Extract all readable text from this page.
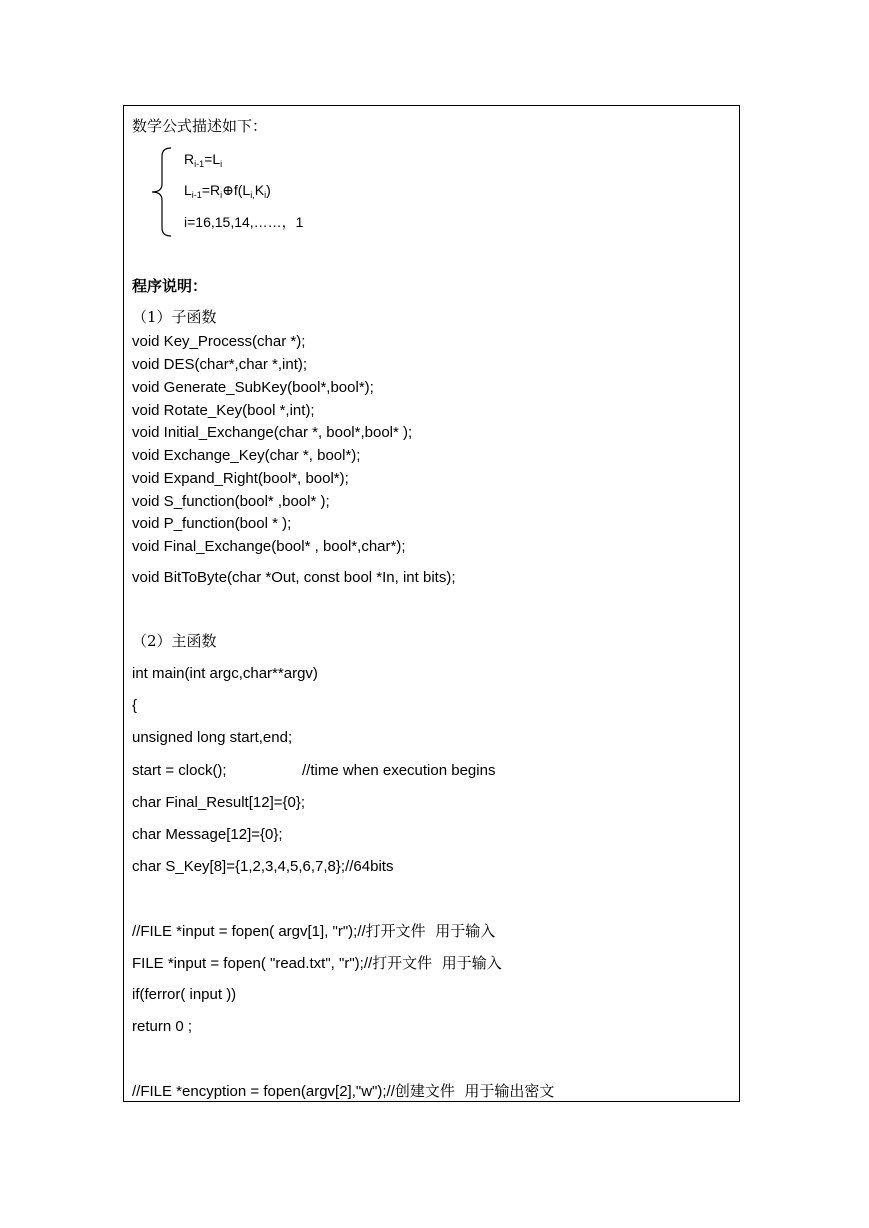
数学公式描述如下：
$R_{i-1}=L_i$
$L_{i-1}=R_i\oplus f(L_{i,}K_i)$
i=16,15,14,……，1
程序说明：
（1）子函数
void Key_Process(char *);
void DES(char*,char *,int);
void Generate_SubKey(bool*,bool*);
void Rotate_Key(bool *,int);
void Initial_Exchange(char *, bool*,bool* );
void Exchange_Key(char *, bool*);
void Expand_Right(bool*, bool*);
void S_function(bool* ,bool* );
void P_function(bool * );
void Final_Exchange(bool* , bool*,char*);
void BitToByte(char *Out, const bool *In, int bits);
（2）主函数
int main(int argc,char**argv)
{
unsigned long start,end;
start = clock();	//time when execution begins
char Final_Result[12]={0};
char Message[12]={0};
char S_Key[8]={1,2,3,4,5,6,7,8};//64bits
//FILE *input = fopen( argv[1], "r");//打开文件  用于输入
FILE *input = fopen( "read.txt", "r");//打开文件  用于输入
if(ferror( input ))
return 0 ;
//FILE *encyption = fopen(argv[2],"w");//创建文件  用于输出密文
